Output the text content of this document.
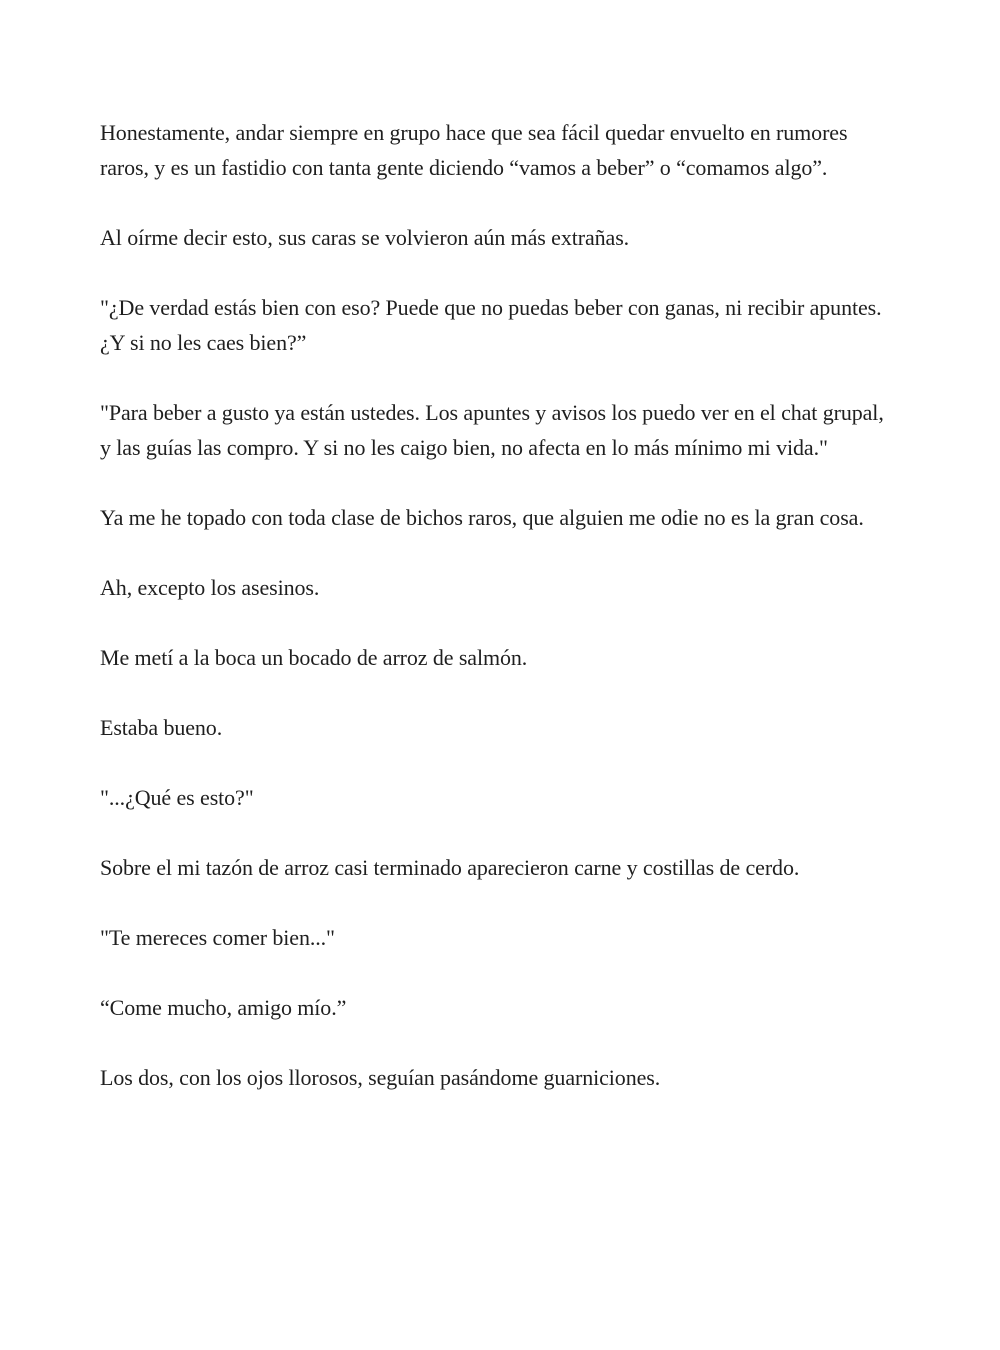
Honestamente, andar siempre en grupo hace que sea fácil quedar envuelto en rumores raros, y es un fastidio con tanta gente diciendo “vamos a beber” o “comamos algo”.

Al oírme decir esto, sus caras se volvieron aún más extrañas.

"¿De verdad estás bien con eso? Puede que no puedas beber con ganas, ni recibir apuntes. ¿Y si no les caes bien?”

"Para beber a gusto ya están ustedes. Los apuntes y avisos los puedo ver en el chat grupal, y las guías las compro. Y si no les caigo bien, no afecta en lo más mínimo mi vida."

Ya me he topado con toda clase de bichos raros, que alguien me odie no es la gran cosa.

Ah, excepto los asesinos.

Me metí a la boca un bocado de arroz de salmón.

Estaba bueno.

"...¿Qué es esto?"

Sobre el mi tazón de arroz casi terminado aparecieron carne y costillas de cerdo.

"Te mereces comer bien..."

“Come mucho, amigo mío.”

Los dos, con los ojos llorosos, seguían pasándome guarniciones.
